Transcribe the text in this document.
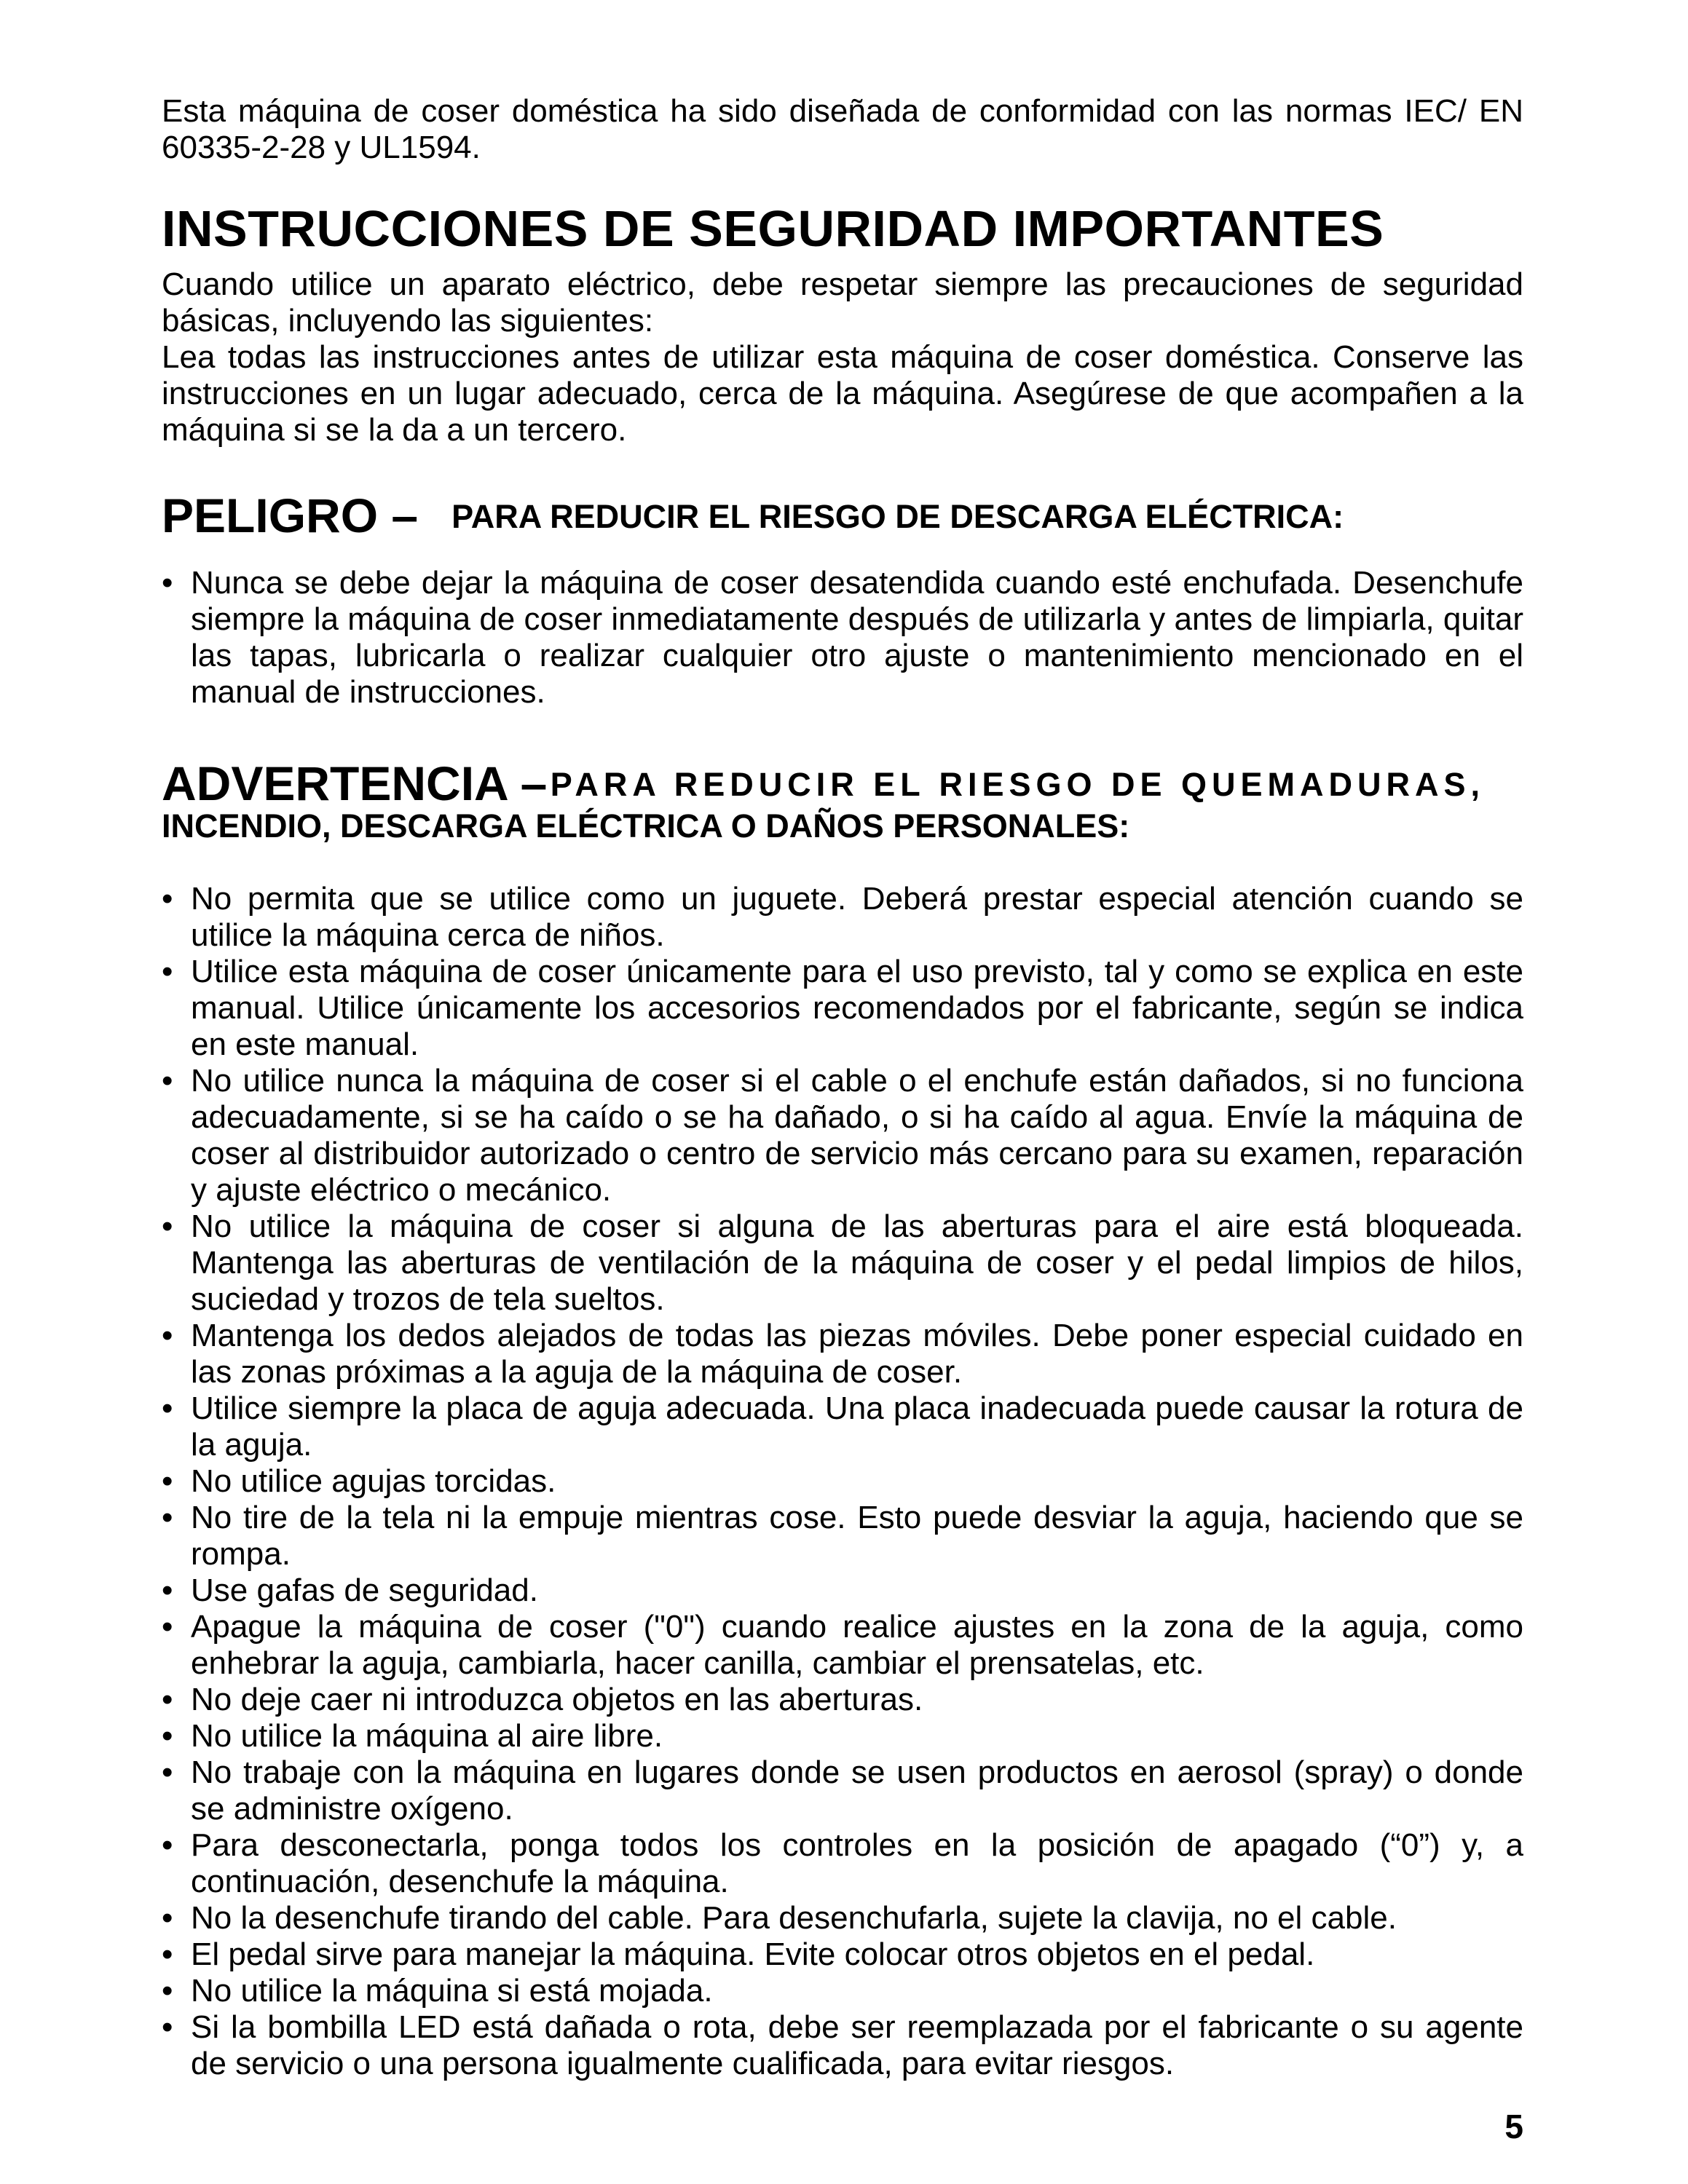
Esta máquina de coser doméstica ha sido diseñada de conformidad con las normas IEC/ EN 60335-2-28 y UL1594.

INSTRUCCIONES DE SEGURIDAD IMPORTANTES

Cuando utilice un aparato eléctrico, debe respetar siempre las precauciones de seguridad básicas, incluyendo las siguientes:

Lea todas las instrucciones antes de utilizar esta máquina de coser doméstica. Conserve las instrucciones en un lugar adecuado, cerca de la máquina. Asegúrese de que acompañen a la máquina si se la da a un tercero.

PELIGRO – PARA REDUCIR EL RIESGO DE DESCARGA ELÉCTRICA:
• Nunca se debe dejar la máquina de coser desatendida cuando esté enchufada. Desenchufe siempre la máquina de coser inmediatamente después de utilizarla y antes de limpiarla, quitar las tapas, lubricarla o realizar cualquier otro ajuste o mantenimiento mencionado en el manual de instrucciones.
ADVERTENCIA – PARA REDUCIR EL RIESGO DE QUEMADURAS,
INCENDIO, DESCARGA ELÉCTRICA O DAÑOS PERSONALES:
• No permita que se utilice como un juguete. Deberá prestar especial atención cuando se utilice la máquina cerca de niños.
• Utilice esta máquina de coser únicamente para el uso previsto, tal y como se explica en este manual. Utilice únicamente los accesorios recomendados por el fabricante, según se indica en este manual.
• No utilice nunca la máquina de coser si el cable o el enchufe están dañados, si no funciona adecuadamente, si se ha caído o se ha dañado, o si ha caído al agua. Envíe la máquina de coser al distribuidor autorizado o centro de servicio más cercano para su examen, reparación y ajuste eléctrico o mecánico.
• No utilice la máquina de coser si alguna de las aberturas para el aire está bloqueada. Mantenga las aberturas de ventilación de la máquina de coser y el pedal limpios de hilos, suciedad y trozos de tela sueltos.
• Mantenga los dedos alejados de todas las piezas móviles. Debe poner especial cuidado en las zonas próximas a la aguja de la máquina de coser.
• Utilice siempre la placa de aguja adecuada. Una placa inadecuada puede causar la rotura de la aguja.
• No utilice agujas torcidas.
• No tire de la tela ni la empuje mientras cose. Esto puede desviar la aguja, haciendo que se rompa.
• Use gafas de seguridad.
• Apague la máquina de coser ("0") cuando realice ajustes en la zona de la aguja, como enhebrar la aguja, cambiarla, hacer canilla, cambiar el prensatelas, etc.
• No deje caer ni introduzca objetos en las aberturas.
• No utilice la máquina al aire libre.
• No trabaje con la máquina en lugares donde se usen productos en aerosol (spray) o donde se administre oxígeno.
• Para desconectarla, ponga todos los controles en la posición de apagado (“0”) y, a continuación, desenchufe la máquina.
• No la desenchufe tirando del cable. Para desenchufarla, sujete la clavija, no el cable.
• El pedal sirve para manejar la máquina. Evite colocar otros objetos en el pedal.
• No utilice la máquina si está mojada.
• Si la bombilla LED está dañada o rota, debe ser reemplazada por el fabricante o su agente de servicio o una persona igualmente cualificada, para evitar riesgos.
5
